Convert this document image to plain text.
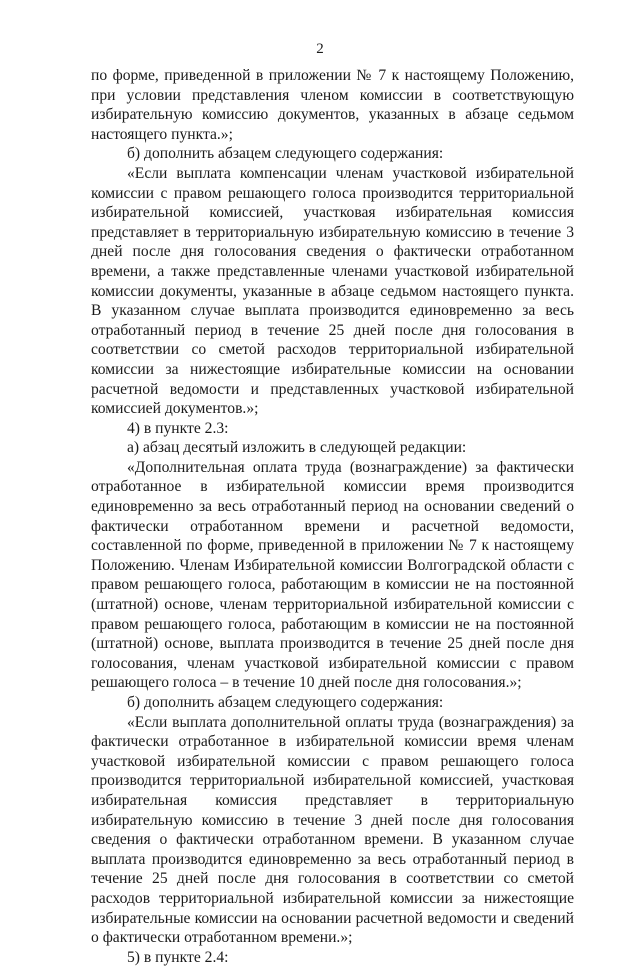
2

по форме, приведенной в приложении № 7 к настоящему Положению, при условии представления членом комиссии в соответствующую избирательную комиссию документов, указанных в абзаце седьмом настоящего пункта.»;

б) дополнить абзацем следующего содержания:

«Если выплата компенсации членам участковой избирательной комиссии с правом решающего голоса производится территориальной избирательной комиссией, участковая избирательная комиссия представляет в территориальную избирательную комиссию в течение 3 дней после дня голосования сведения о фактически отработанном времени, а также представленные членами участковой избирательной комиссии документы, указанные в абзаце седьмом настоящего пункта. В указанном случае выплата производится единовременно за весь отработанный период в течение 25 дней после дня голосования в соответствии со сметой расходов территориальной избирательной комиссии за нижестоящие избирательные комиссии на основании расчетной ведомости и представленных участковой избирательной комиссией документов.»;

4) в пункте 2.3:

а) абзац десятый изложить в следующей редакции:

«Дополнительная оплата труда (вознаграждение) за фактически отработанное в избирательной комиссии время производится единовременно за весь отработанный период на основании сведений о фактически отработанном времени и расчетной ведомости, составленной по форме, приведенной в приложении № 7 к настоящему Положению. Членам Избирательной комиссии Волгоградской области с правом решающего голоса, работающим в комиссии не на постоянной (штатной) основе, членам территориальной избирательной комиссии с правом решающего голоса, работающим в комиссии не на постоянной (штатной) основе, выплата производится в течение 25 дней после дня голосования, членам участковой избирательной комиссии с правом решающего голоса – в течение 10 дней после дня голосования.»;

б) дополнить абзацем следующего содержания:

«Если выплата дополнительной оплаты труда (вознаграждения) за фактически отработанное в избирательной комиссии время членам участковой избирательной комиссии с правом решающего голоса производится территориальной избирательной комиссией, участковая избирательная комиссия представляет в территориальную избирательную комиссию в течение 3 дней после дня голосования сведения о фактически отработанном времени. В указанном случае выплата производится единовременно за весь отработанный период в течение 25 дней после дня голосования в соответствии со сметой расходов территориальной избирательной комиссии за нижестоящие избирательные комиссии на основании расчетной ведомости и сведений о фактически отработанном времени.»;

5) в пункте 2.4:
